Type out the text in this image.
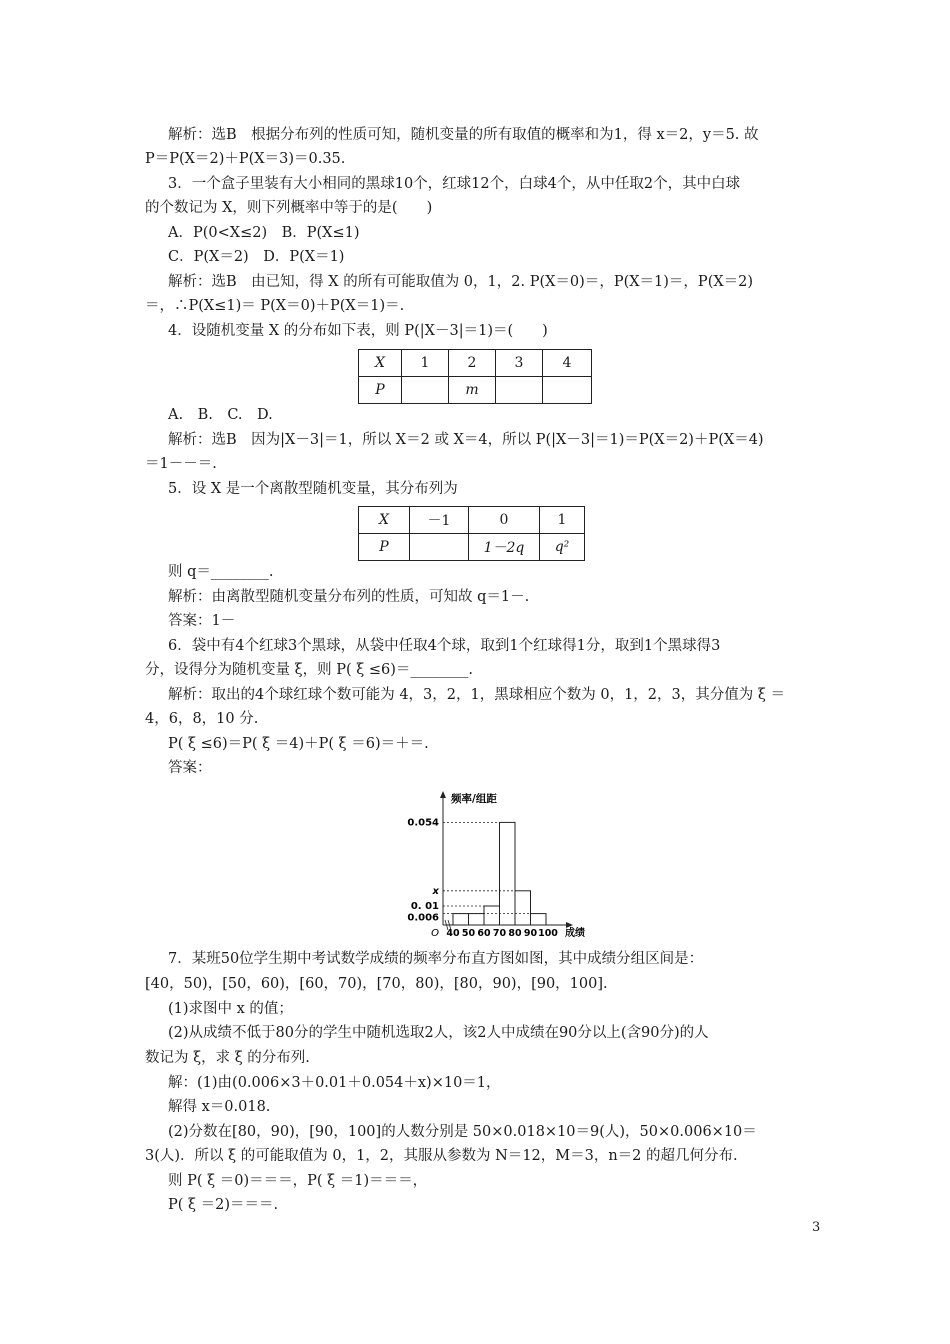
解析：选B　根据分布列的性质可知，随机变量的所有取值的概率和为1，得 x＝2，y＝5. 故
P＝P(X＝2)＋P(X＝3)＝0.35.
3．一个盒子里装有大小相同的黑球10个，红球12个，白球4个，从中任取2个，其中白球
的个数记为 X，则下列概率中等于的是(　　)
A．P(0<X≤2)　B．P(X≤1)
C．P(X＝2)　D．P(X＝1)
解析：选B　由已知，得 X 的所有可能取值为 0，1，2. P(X＝0)＝，P(X＝1)＝，P(X＝2)
＝，∴P(X≤1)＝ P(X＝0)＋P(X＝1)＝.
4．设随机变量 X 的分布如下表，则 P(|X－3|＝1)＝(　　)
X	1	2	3	4
P		m		
A.　B.　C.　D.
解析：选B　因为|X－3|＝1，所以 X＝2 或 X＝4，所以 P(|X－3|＝1)＝P(X＝2)＋P(X＝4)
＝1－－＝.
5．设 X 是一个离散型随机变量，其分布列为
X	－1	0	1
P		1－2q	q²
则 q＝________.
解析：由离散型随机变量分布列的性质，可知故 q＝1－.
答案：1－
6．袋中有4个红球3个黑球，从袋中任取4个球，取到1个红球得1分，取到1个黑球得3
分，设得分为随机变量 ξ，则 P( ξ ≤6)＝________.
解析：取出的4个球红球个数可能为 4，3，2，1，黑球相应个数为 0，1，2，3，其分值为 ξ ＝
4，6，8，10 分.
P( ξ ≤6)＝P( ξ ＝4)＋P( ξ ＝6)＝＋＝.
答案：
0.054
x
0. 01
0.006
40 50 60 70 80 90 100 成绩
频率/组距
O
7．某班50位学生期中考试数学成绩的频率分布直方图如图，其中成绩分组区间是：
[40，50)，[50，60)，[60，70)，[70，80)，[80，90)，[90，100].
(1)求图中 x 的值；
(2)从成绩不低于80分的学生中随机选取2人，该2人中成绩在90分以上(含90分)的人
数记为 ξ，求 ξ 的分布列.
解：(1)由(0.006×3＋0.01＋0.054＋x)×10＝1，
解得 x＝0.018.
(2)分数在[80，90)，[90，100]的人数分别是 50×0.018×10＝9(人)，50×0.006×10＝
3(人)．所以 ξ 的可能取值为 0，1，2，其服从参数为 N＝12，M＝3，n＝2 的超几何分布.
则 P( ξ ＝0)＝＝＝，P( ξ ＝1)＝＝＝，
P( ξ ＝2)＝＝＝.
3
